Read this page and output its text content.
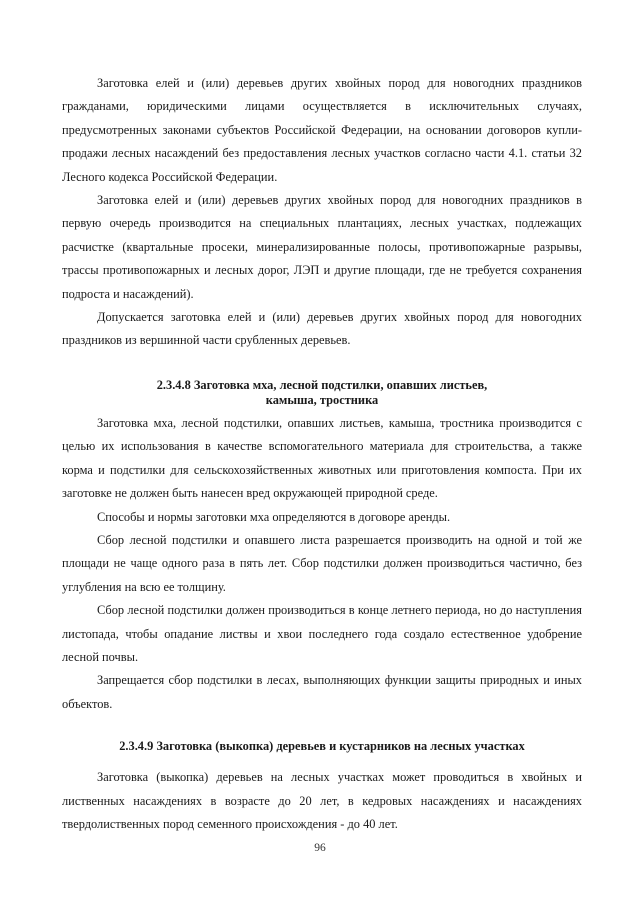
Заготовка елей и (или) деревьев других хвойных пород для новогодних праздников гражданами, юридическими лицами осуществляется в исключительных случаях, предусмотренных законами субъектов Российской Федерации, на основании договоров купли-продажи лесных насаждений без предоставления лесных участков согласно части 4.1. статьи 32 Лесного кодекса Российской Федерации.

Заготовка елей и (или) деревьев других хвойных пород для новогодних праздников в первую очередь производится на специальных плантациях, лесных участках, подлежащих расчистке (квартальные просеки, минерализированные полосы, противопожарные разрывы, трассы противопожарных и лесных дорог, ЛЭП и другие площади, где не требуется сохранения подроста и насаждений).

Допускается заготовка елей и (или) деревьев других хвойных пород для новогодних праздников из вершинной части срубленных деревьев.

2.3.4.8 Заготовка мха, лесной подстилки, опавших листьев, камыша, тростника

Заготовка мха, лесной подстилки, опавших листьев, камыша, тростника производится с целью их использования в качестве вспомогательного материала для строительства, а также корма и подстилки для сельскохозяйственных животных или приготовления компоста. При их заготовке не должен быть нанесен вред окружающей природной среде.

Способы и нормы заготовки мха определяются в договоре аренды.

Сбор лесной подстилки и опавшего листа разрешается производить на одной и той же площади не чаще одного раза в пять лет. Сбор подстилки должен производиться частично, без углубления на всю ее толщину.

Сбор лесной подстилки должен производиться в конце летнего периода, но до наступления листопада, чтобы опадание листвы и хвои последнего года создало естественное удобрение лесной почвы.

Запрещается сбор подстилки в лесах, выполняющих функции защиты природных и иных объектов.

2.3.4.9 Заготовка (выкопка) деревьев и кустарников на лесных участках

Заготовка (выкопка) деревьев на лесных участках может проводиться в хвойных и лиственных насаждениях в возрасте до 20 лет, в кедровых насаждениях и насаждениях твердолиственных пород семенного происхождения - до 40 лет.

96
